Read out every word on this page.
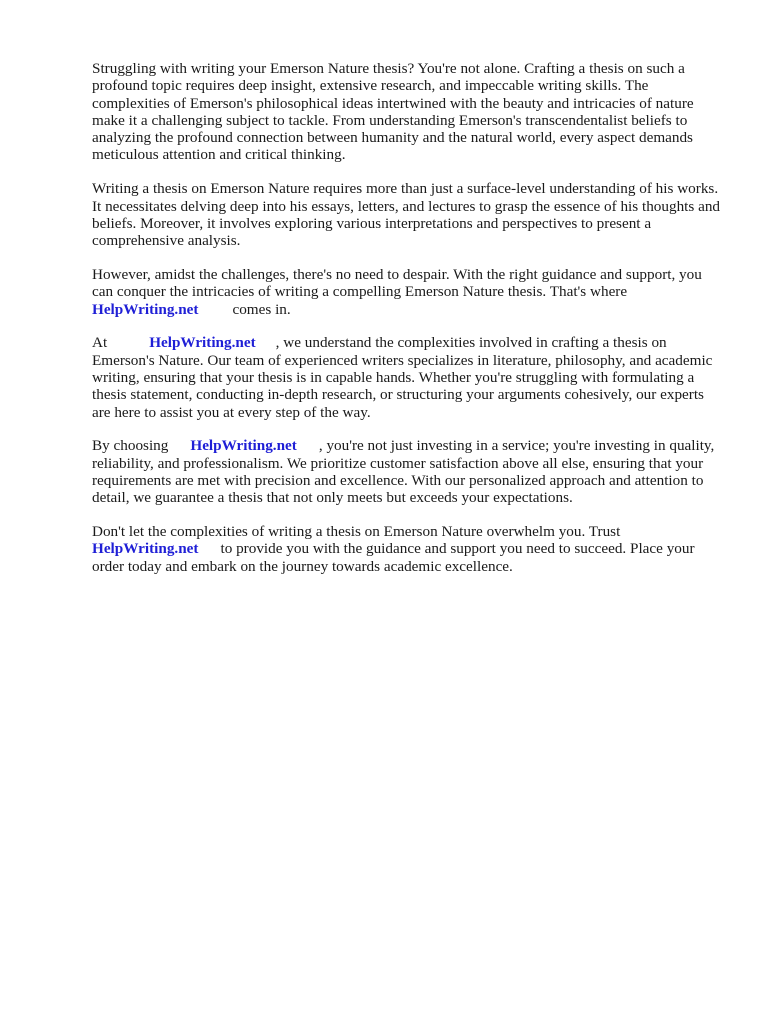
Struggling with writing your Emerson Nature thesis? You're not alone. Crafting a thesis on such a profound topic requires deep insight, extensive research, and impeccable writing skills. The complexities of Emerson's philosophical ideas intertwined with the beauty and intricacies of nature make it a challenging subject to tackle. From understanding Emerson's transcendentalist beliefs to analyzing the profound connection between humanity and the natural world, every aspect demands meticulous attention and critical thinking.

Writing a thesis on Emerson Nature requires more than just a surface-level understanding of his works. It necessitates delving deep into his essays, letters, and lectures to grasp the essence of his thoughts and beliefs. Moreover, it involves exploring various interpretations and perspectives to present a comprehensive analysis.

However, amidst the challenges, there's no need to despair. With the right guidance and support, you can conquer the intricacies of writing a compelling Emerson Nature thesis. That's where
HelpWriting.net comes in.

At	HelpWriting.net , we understand the complexities involved in crafting a thesis on Emerson's Nature. Our team of experienced writers specializes in literature, philosophy, and academic writing, ensuring that your thesis is in capable hands. Whether you're struggling with formulating a thesis statement, conducting in-depth research, or structuring your arguments cohesively, our experts are here to assist you at every step of the way.

By choosing HelpWriting.net , you're not just investing in a service; you're investing in quality, reliability, and professionalism. We prioritize customer satisfaction above all else, ensuring that your requirements are met with precision and excellence. With our personalized approach and attention to detail, we guarantee a thesis that not only meets but exceeds your expectations.

Don't let the complexities of writing a thesis on Emerson Nature overwhelm you. Trust
HelpWriting.net to provide you with the guidance and support you need to succeed. Place your order today and embark on the journey towards academic excellence.
